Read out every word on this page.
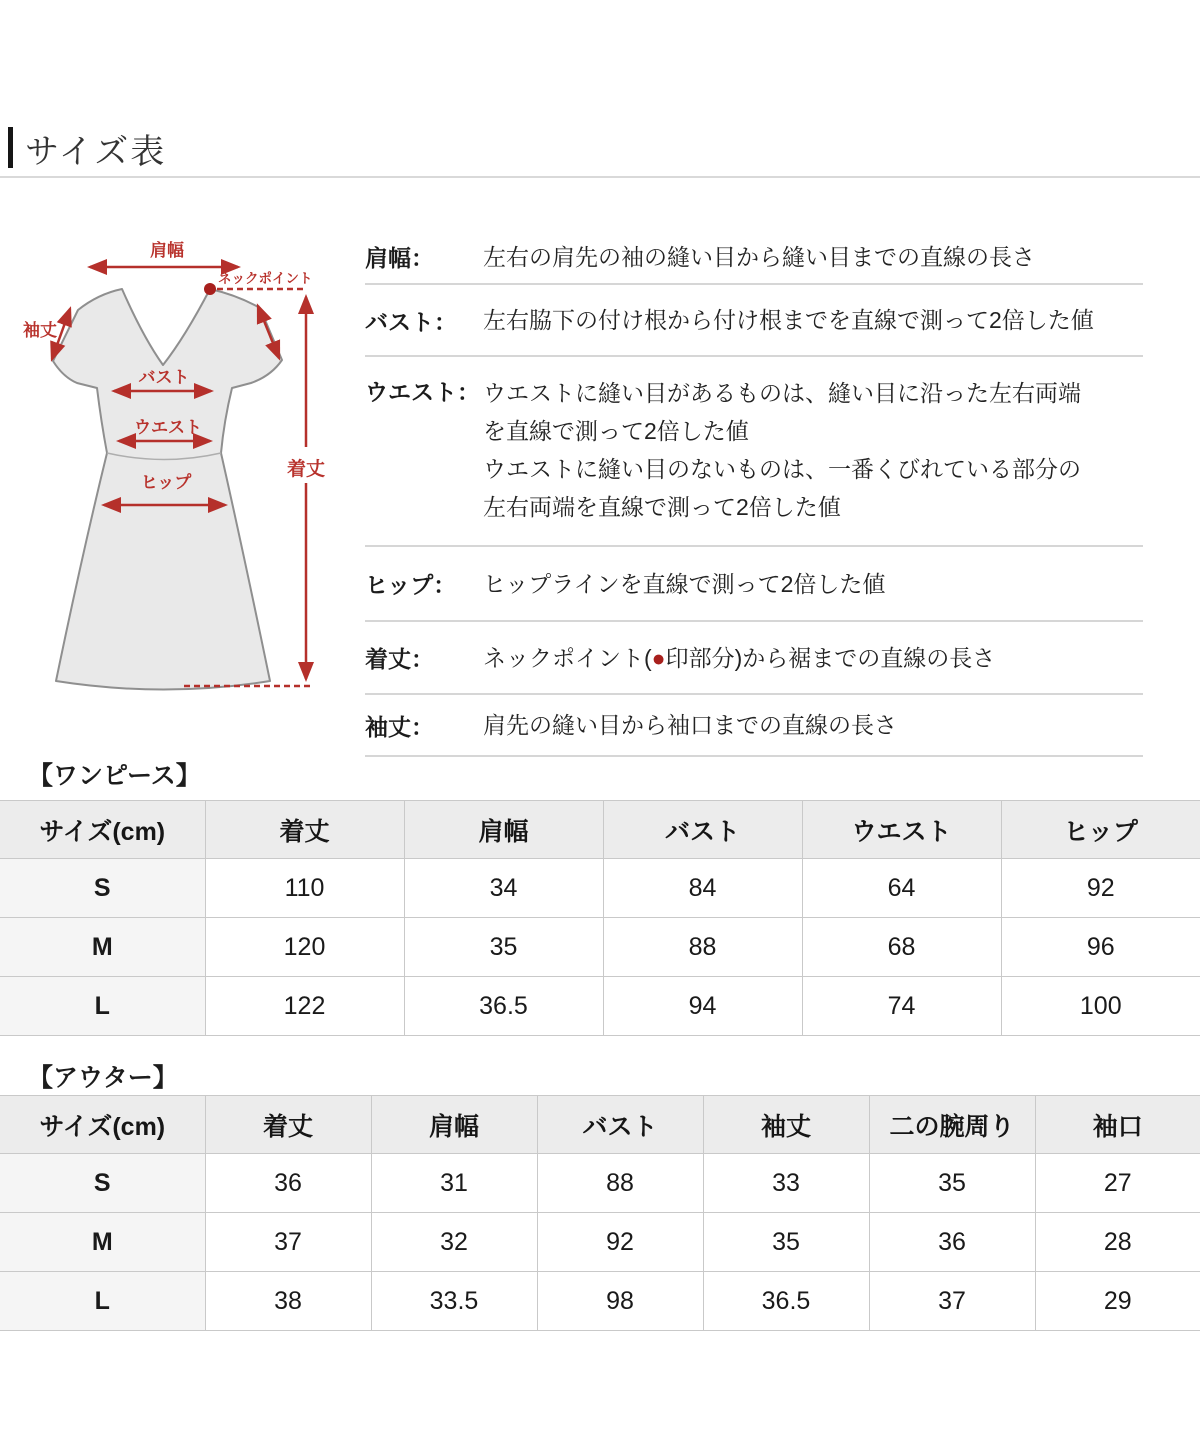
サイズ表
肩幅
ネックポイント
袖丈
バスト
ウエスト
ヒップ
着丈
肩幅：	左右の肩先の袖の縫い目から縫い目までの直線の長さ
バスト：	左右脇下の付け根から付け根までを直線で測って2倍した値
ウエスト： ウエストに縫い目があるものは、縫い目に沿った左右両端
を直線で測って2倍した値
ウエストに縫い目のないものは、一番くびれている部分の
左右両端を直線で測って2倍した値
ヒップ：	ヒップラインを直線で測って2倍した値
着丈：	ネックポイント(●印部分)から裾までの直線の長さ
袖丈：	肩先の縫い目から袖口までの直線の長さ
【ワンピース】
サイズ(cm)	着丈	肩幅	バスト	ウエスト	ヒップ
S	110	34	84	64	92
M	120	35	88	68	96
L	122	36.5	94	74	100
【アウター】
サイズ(cm)	着丈	肩幅	バスト	袖丈	二の腕周り	袖口
S	36	31	88	33	35	27
M	37	32	92	35	36	28
L	38	33.5	98	36.5	37	29
